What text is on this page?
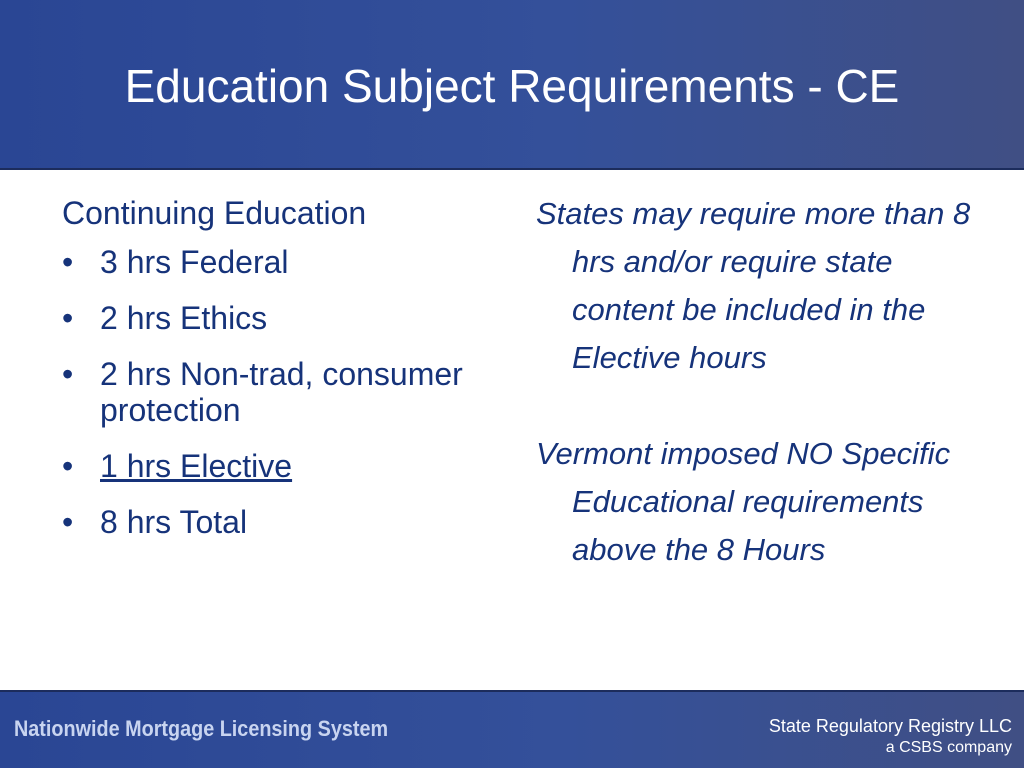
Education Subject Requirements - CE
Continuing Education
• 3 hrs Federal
• 2 hrs Ethics
• 2 hrs Non-trad, consumer protection
• 1 hrs Elective
• 8 hrs Total

States may require more than 8 hrs and/or require state content be included in the Elective hours

Vermont imposed NO Specific Educational requirements above the 8 Hours

Nationwide Mortgage Licensing System	State Regulatory Registry LLC
a CSBS company
